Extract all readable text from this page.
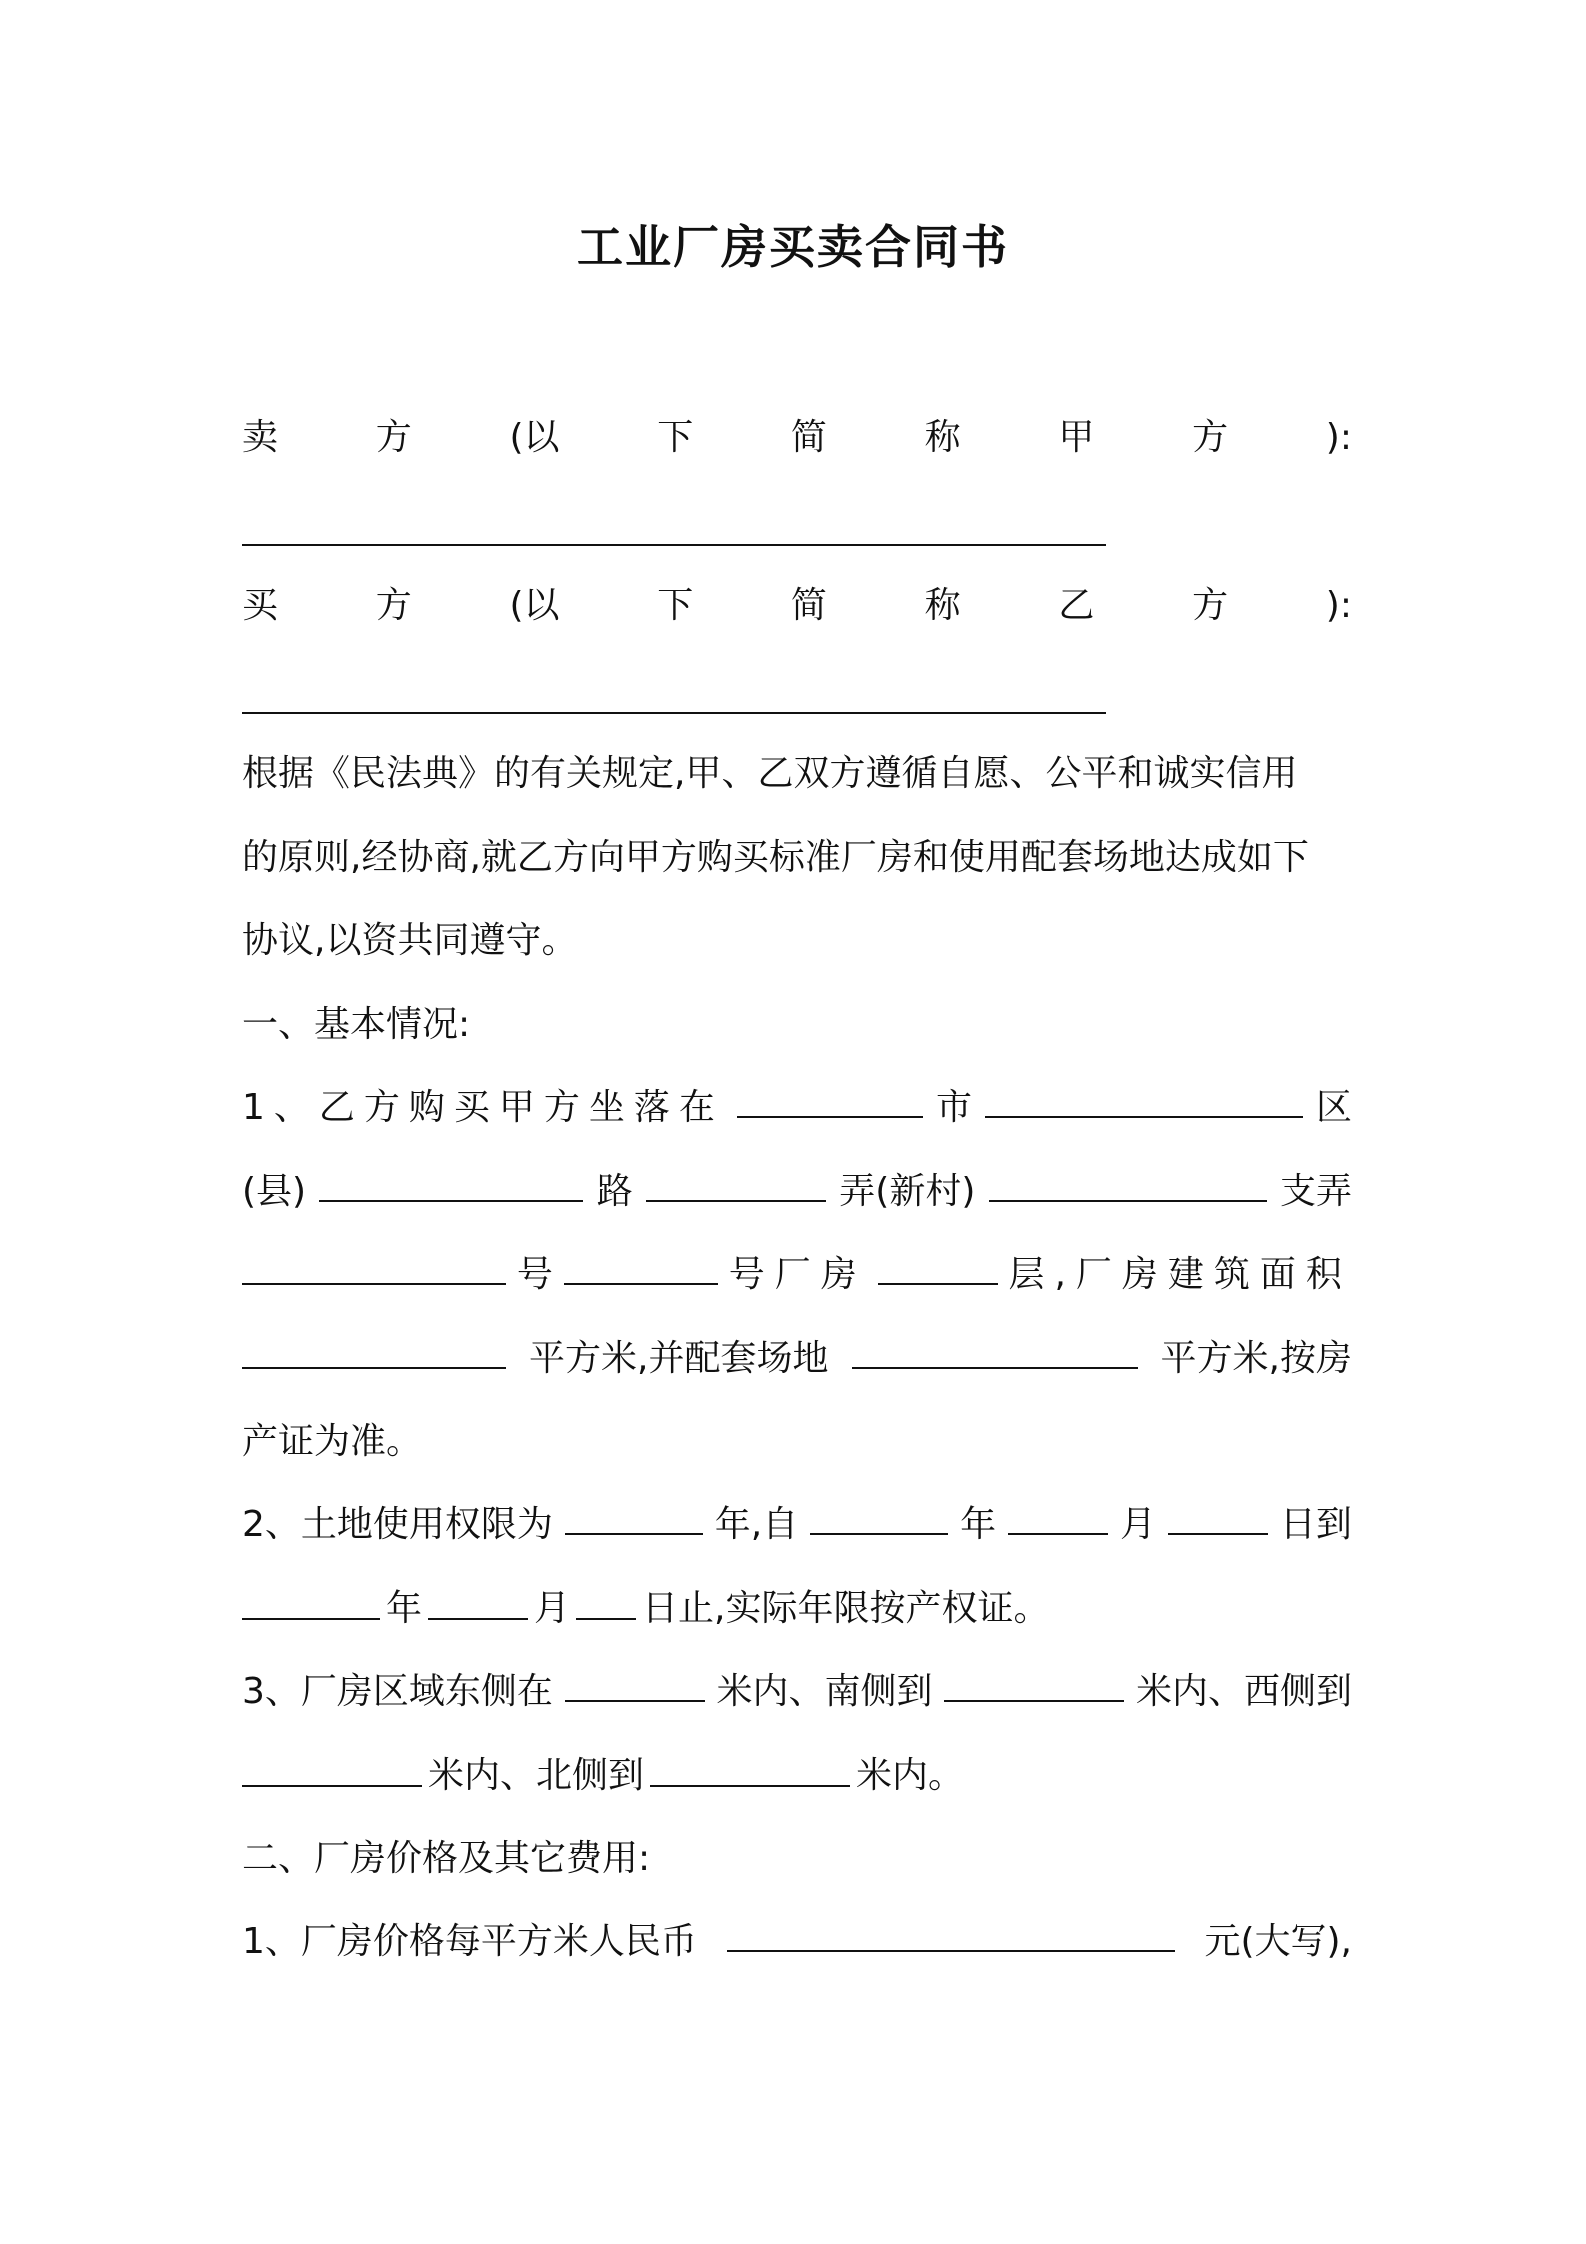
工业厂房买卖合同书
卖	方	(以	下	简	称	甲	方	):
买	方	(以	下	简	称	乙	方	):
根据《民法典》的有关规定,甲、乙双方遵循自愿、公平和诚实信用
的原则,经协商,就乙方向甲方购买标准厂房和使用配套场地达成如下
协议,以资共同遵守。
一、基本情况:
1、乙方购买甲方坐落在	市	区
(县)	路	弄(新村)	支弄
号	号厂房	层,厂房建筑面积
平方米,并配套场地	平方米,按房
产证为准。
2、土地使用权限为	年,自	年	月	日到
年	月 日止,实际年限按产权证。
3、厂房区域东侧在	米内、南侧到	米内、西侧到
米内、北侧到	米内。
二、厂房价格及其它费用:
1、厂房价格每平方米人民币	元(大写),
